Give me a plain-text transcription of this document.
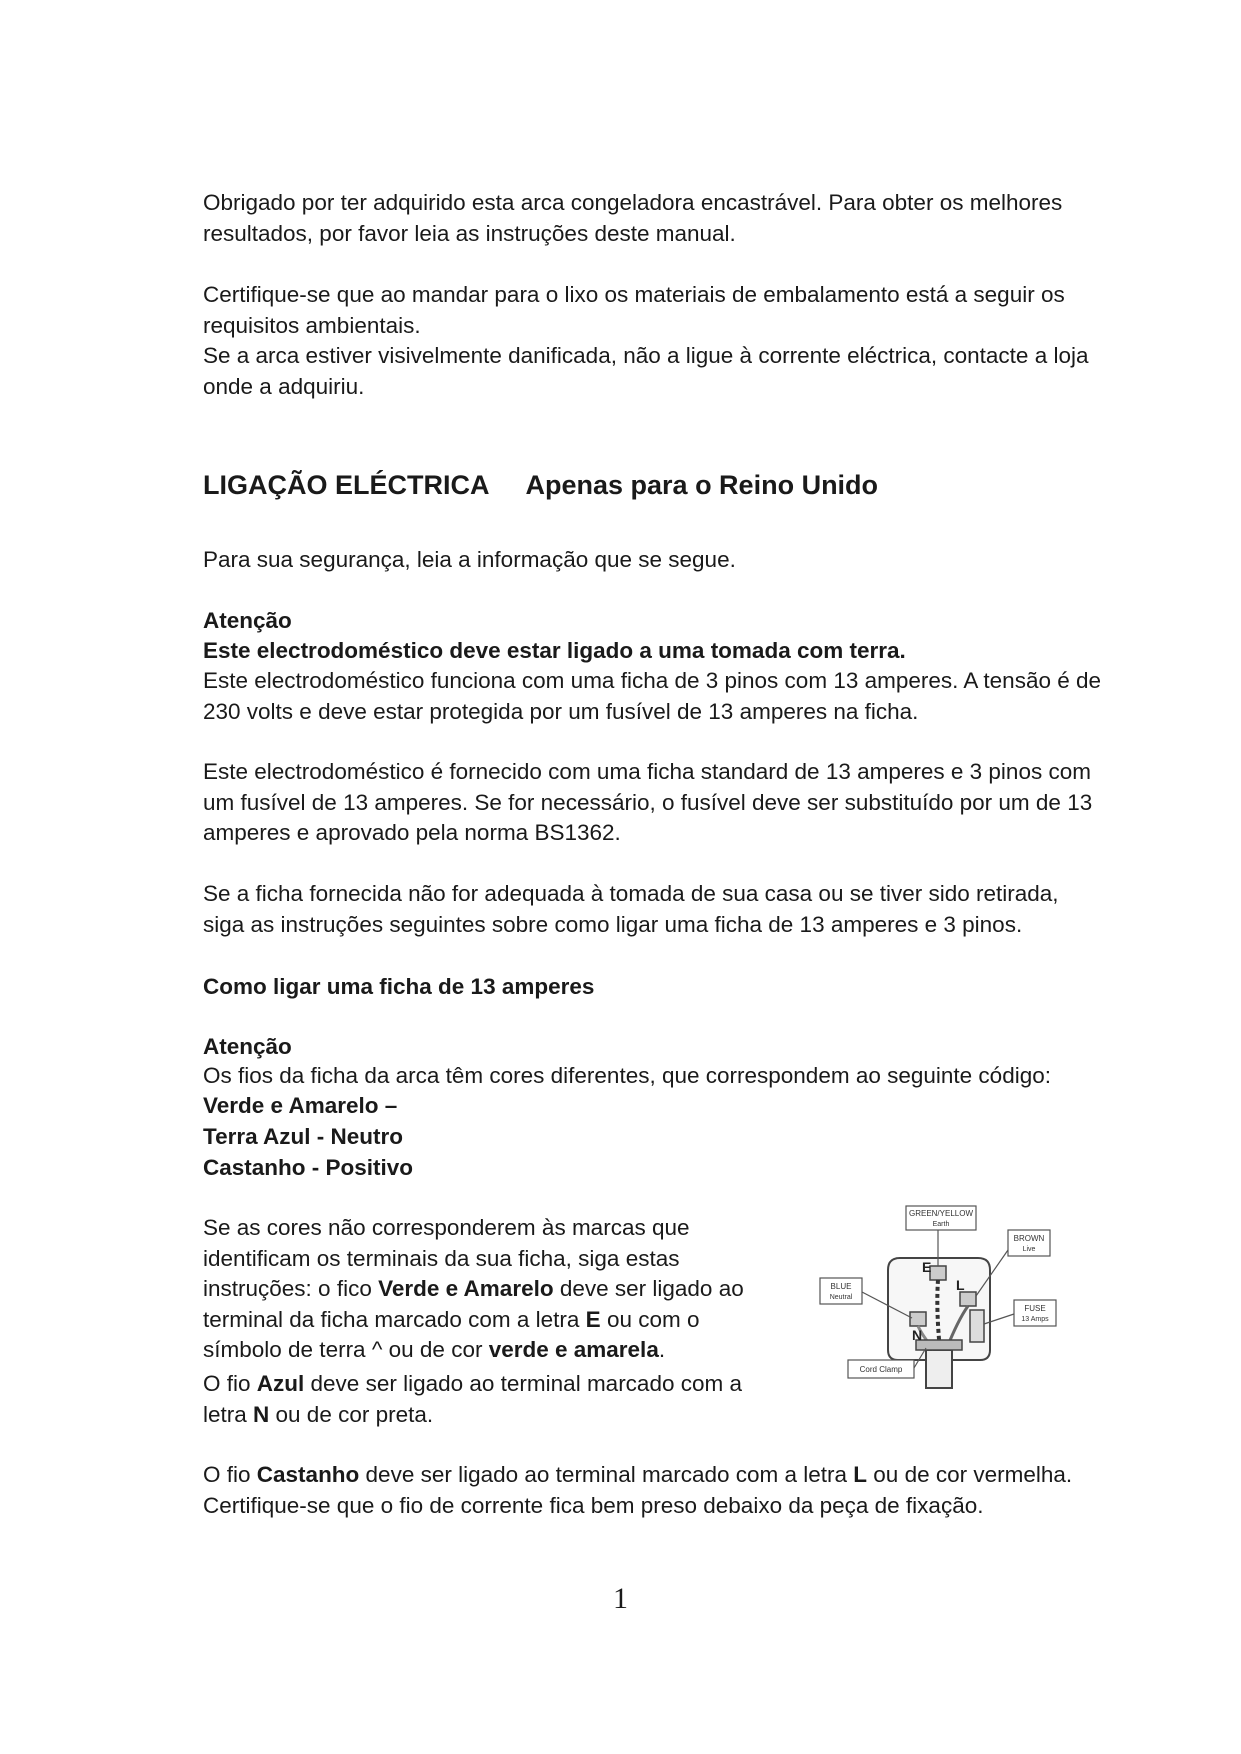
Obrigado por ter adquirido esta arca congeladora encastrável. Para obter os melhores resultados, por favor leia as instruções deste manual.

Certifique-se que ao mandar para o lixo os materiais de embalamento está a seguir os requisitos ambientais.

Se a arca estiver visivelmente danificada, não a ligue à corrente eléctrica, contacte a loja onde a adquiriu.

LIGAÇÃO ELÉCTRICA Apenas para o Reino Unido

Para sua segurança, leia a informação que se segue.

Atenção

Este electrodoméstico deve estar ligado a uma tomada com terra.

Este electrodoméstico funciona com uma ficha de 3 pinos com 13 amperes. A tensão é de 230 volts e deve estar protegida por um fusível de 13 amperes na ficha.

Este electrodoméstico é fornecido com uma ficha standard de 13 amperes e 3 pinos com um fusível de 13 amperes. Se for necessário, o fusível deve ser substituído por um de 13 amperes e aprovado pela norma BS1362.

Se a ficha fornecida não for adequada à tomada de sua casa ou se tiver sido retirada, siga as instruções seguintes sobre como ligar uma ficha de 13 amperes e 3 pinos.

Como ligar uma ficha de 13 amperes

Atenção

Os fios da ficha da arca têm cores diferentes, que correspondem ao seguinte código:

Verde e Amarelo –

Terra Azul - Neutro

Castanho - Positivo

Se as cores não corresponderem às marcas que identificam os terminais da sua ficha, siga estas instruções: o fico Verde e Amarelo deve ser ligado ao terminal da ficha marcado com a letra E ou com o símbolo de terra ^ ou de cor verde e amarela.

O fio Azul deve ser ligado ao terminal marcado com a letra N ou de cor preta.

O fio Castanho deve ser ligado ao terminal marcado com a letra L ou de cor vermelha.

Certifique-se que o fio de corrente fica bem preso debaixo da peça de fixação.

E
L
N
GREEN/YELLOW
Earth
BROWN
Live
BLUE
Neutral
FUSE
13 Amps
Cord Clamp
1
